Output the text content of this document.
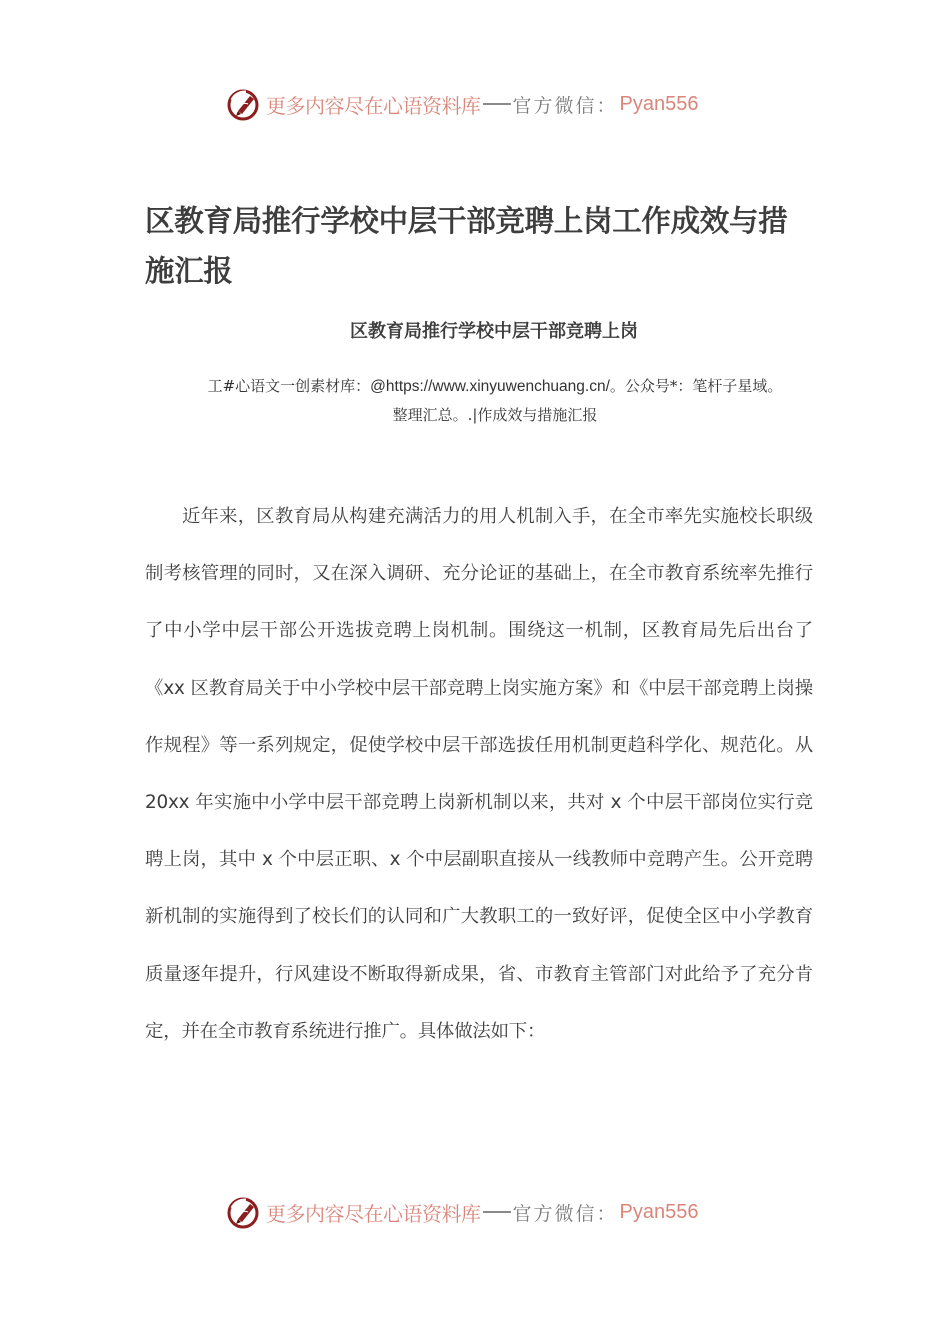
更多内容尽在心语资料库 官方微信： Pyan556
区教育局推行学校中层干部竞聘上岗工作成效与措施汇报
区教育局推行学校中层干部竞聘上岗
工#心语文一创素材库：@https://www.xinyuwenchuang.cn/。公众号*：笔杆子星域。
整理汇总。.|作成效与措施汇报

近年来，区教育局从构建充满活力的用人机制入手，在全市率先实施校长职级制考核管理的同时，又在深入调研、充分论证的基础上，在全市教育系统率先推行了中小学中层干部公开选拔竞聘上岗机制。围绕这一机制，区教育局先后出台了《xx 区教育局关于中小学校中层干部竞聘上岗实施方案》和《中层干部竞聘上岗操作规程》等一系列规定，促使学校中层干部选拔任用机制更趋科学化、规范化。从 20xx 年实施中小学中层干部竞聘上岗新机制以来，共对 x 个中层干部岗位实行竞聘上岗，其中 x 个中层正职、x 个中层副职直接从一线教师中竞聘产生。公开竞聘新机制的实施得到了校长们的认同和广大教职工的一致好评，促使全区中小学教育质量逐年提升，行风建设不断取得新成果，省、市教育主管部门对此给予了充分肯定，并在全市教育系统进行推广。具体做法如下：

更多内容尽在心语资料库 官方微信： Pyan556
